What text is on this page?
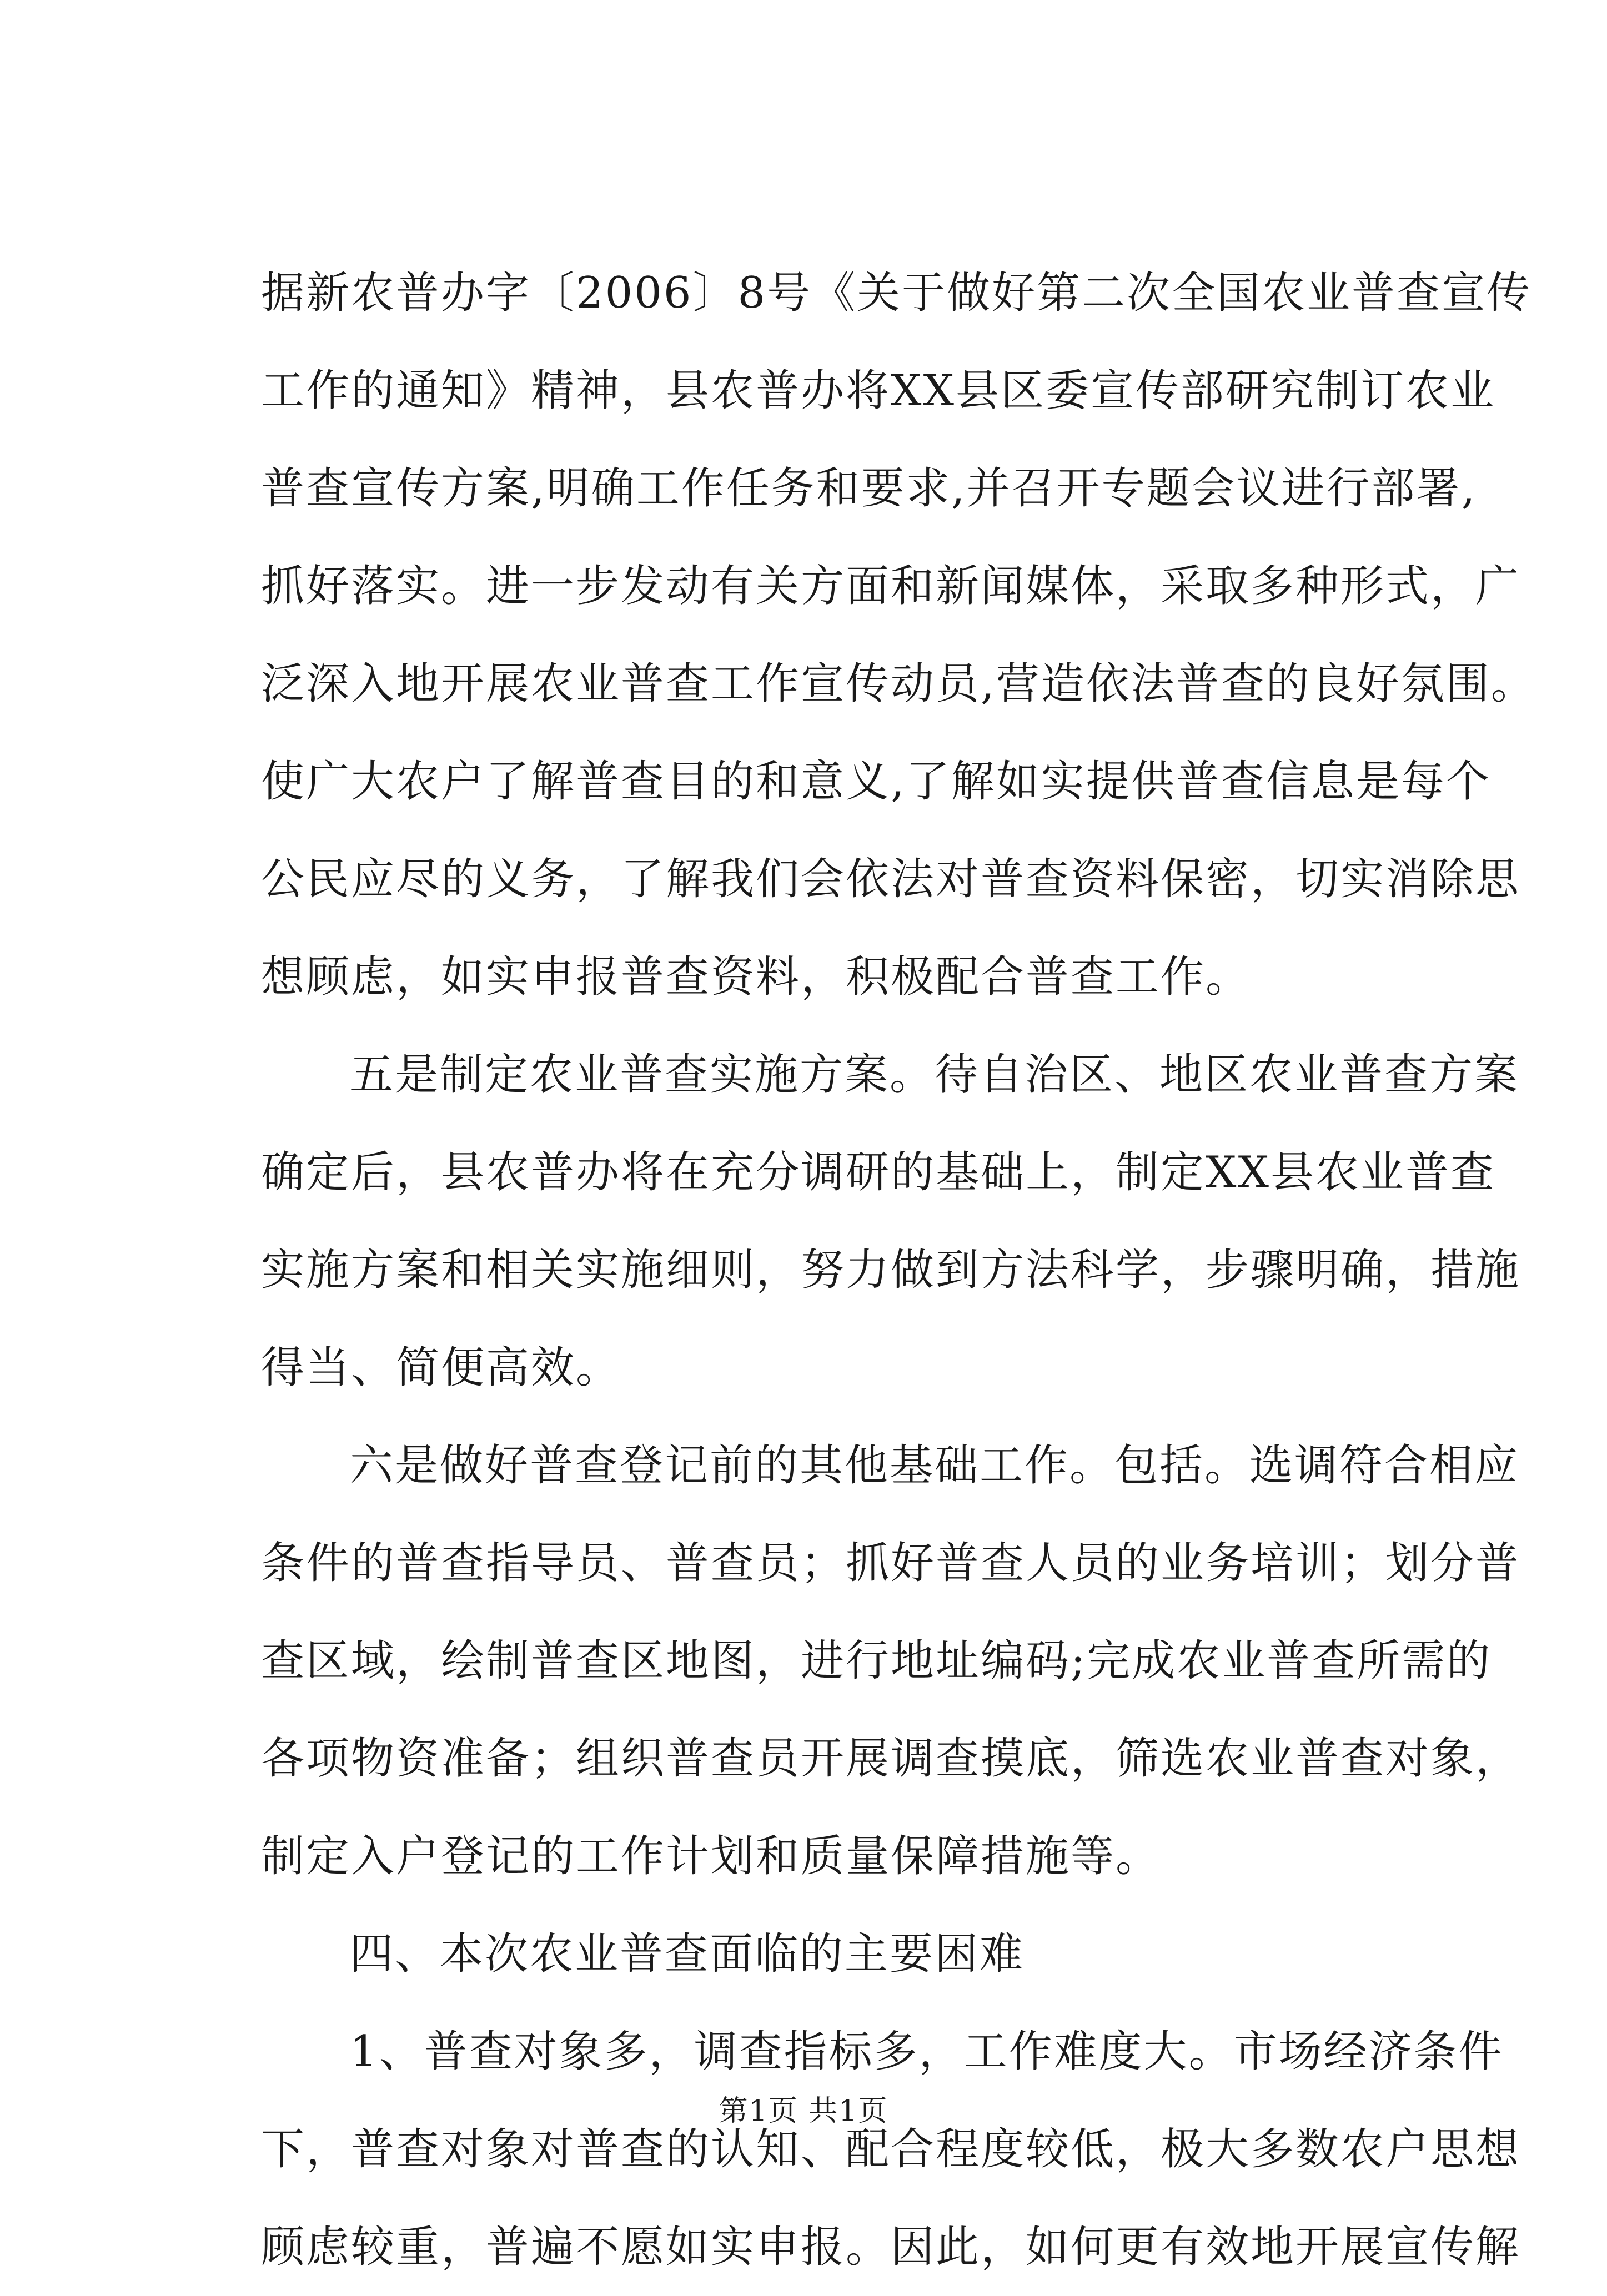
据新农普办字〔2006〕8号《关于做好第二次全国农业普查宣传
工作的通知》精神，县农普办将XX县区委宣传部研究制订农业
普查宣传方案,明确工作任务和要求,并召开专题会议进行部署,
抓好落实。进一步发动有关方面和新闻媒体，采取多种形式，广
泛深入地开展农业普查工作宣传动员,营造依法普查的良好氛围。
使广大农户了解普查目的和意义,了解如实提供普查信息是每个
公民应尽的义务，了解我们会依法对普查资料保密，切实消除思
想顾虑，如实申报普查资料，积极配合普查工作。
五是制定农业普查实施方案。待自治区、地区农业普查方案
确定后，县农普办将在充分调研的基础上，制定XX县农业普查
实施方案和相关实施细则，努力做到方法科学，步骤明确，措施
得当、简便高效。
六是做好普查登记前的其他基础工作。包括。选调符合相应
条件的普查指导员、普查员；抓好普查人员的业务培训；划分普
查区域，绘制普查区地图，进行地址编码;完成农业普查所需的
各项物资准备；组织普查员开展调查摸底，筛选农业普查对象，
制定入户登记的工作计划和质量保障措施等。
四、本次农业普查面临的主要困难
1、普查对象多，调查指标多，工作难度大。市场经济条件
下，普查对象对普查的认知、配合程度较低，极大多数农户思想
顾虑较重，普遍不愿如实申报。因此，如何更有效地开展宣传解
第1页 共1页
